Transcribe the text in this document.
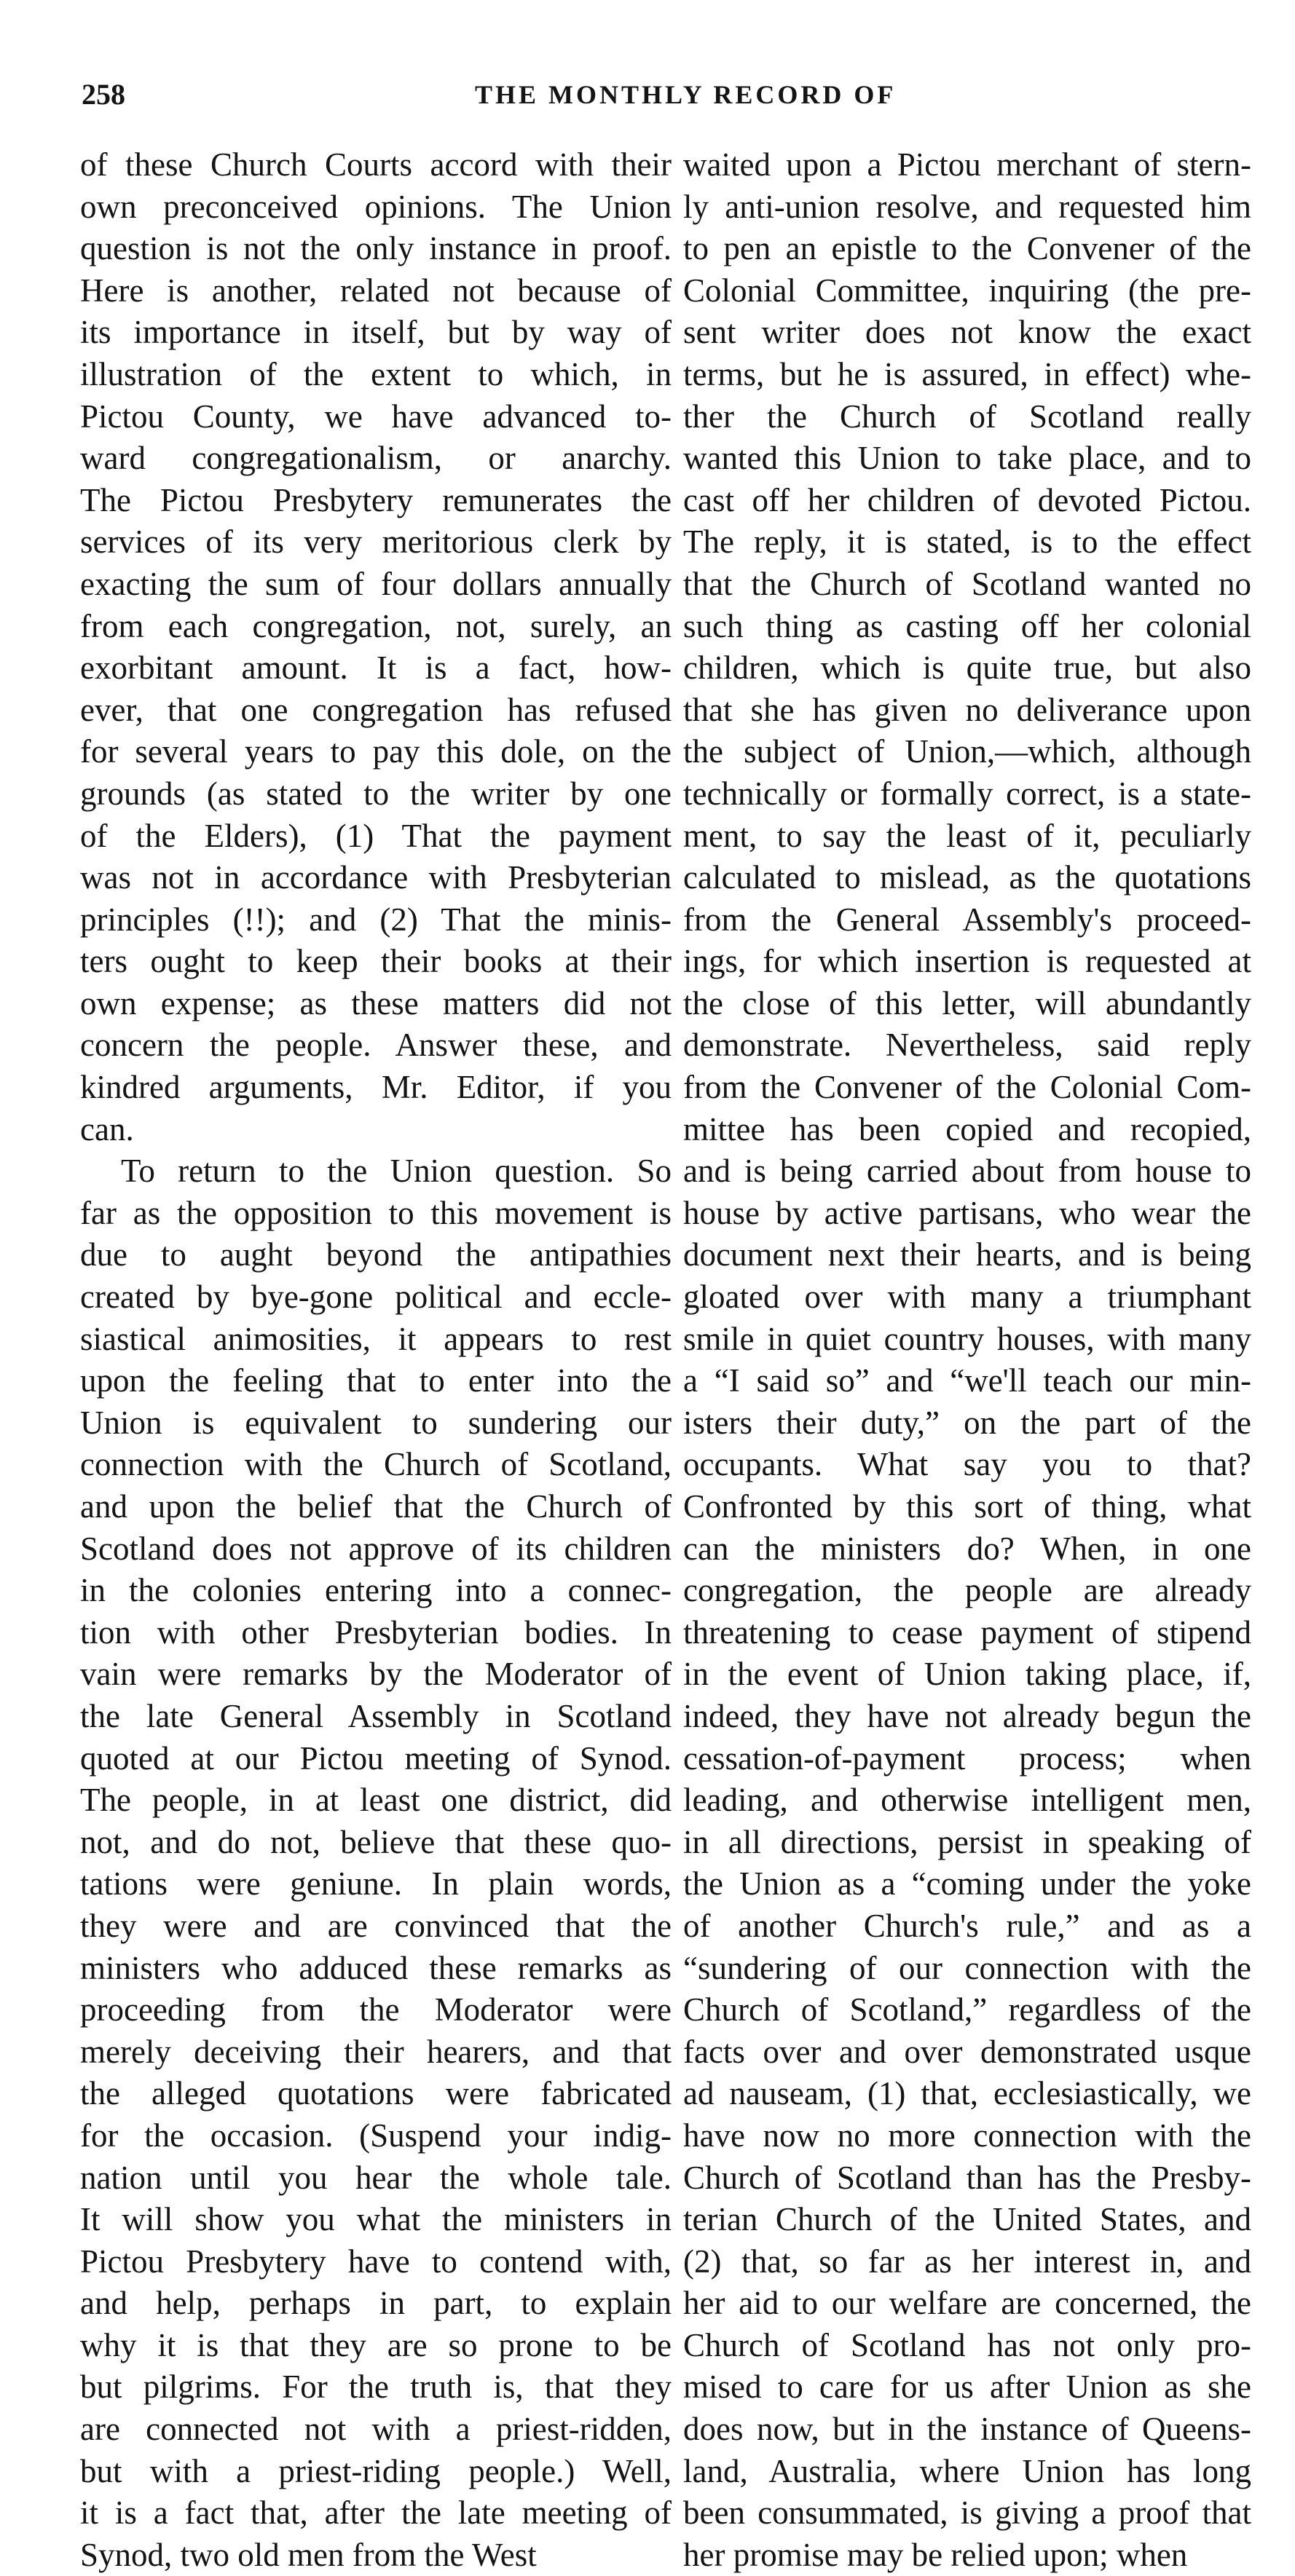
258	THE MONTHLY RECORD OF
of these Church Courts accord with their
own preconceived opinions. The Union
question is not the only instance in proof.
Here is another, related not because of
its importance in itself, but by way of
illustration of the extent to which, in
Pictou County, we have advanced to-
ward congregationalism, or anarchy.
The Pictou Presbytery remunerates the
services of its very meritorious clerk by
exacting the sum of four dollars annually
from each congregation, not, surely, an
exorbitant amount. It is a fact, how-
ever, that one congregation has refused
for several years to pay this dole, on the
grounds (as stated to the writer by one
of the Elders), (1) That the payment
was not in accordance with Presbyterian
principles (!!); and (2) That the minis-
ters ought to keep their books at their
own expense; as these matters did not
concern the people. Answer these, and
kindred arguments, Mr. Editor, if you
can.
To return to the Union question. So
far as the opposition to this movement is
due to aught beyond the antipathies
created by bye-gone political and eccle-
siastical animosities, it appears to rest
upon the feeling that to enter into the
Union is equivalent to sundering our
connection with the Church of Scotland,
and upon the belief that the Church of
Scotland does not approve of its children
in the colonies entering into a connec-
tion with other Presbyterian bodies. In
vain were remarks by the Moderator of
the late General Assembly in Scotland
quoted at our Pictou meeting of Synod.
The people, in at least one district, did
not, and do not, believe that these quo-
tations were geniune. In plain words,
they were and are convinced that the
ministers who adduced these remarks as
proceeding from the Moderator were
merely deceiving their hearers, and that
the alleged quotations were fabricated
for the occasion. (Suspend your indig-
nation until you hear the whole tale.
It will show you what the ministers in
Pictou Presbytery have to contend with,
and help, perhaps in part, to explain
why it is that they are so prone to be
but pilgrims. For the truth is, that they
are connected not with a priest-ridden,
but with a priest-riding people.) Well,
it is a fact that, after the late meeting of
Synod, two old men from the West
waited upon a Pictou merchant of stern-
ly anti-union resolve, and requested him
to pen an epistle to the Convener of the
Colonial Committee, inquiring (the pre-
sent writer does not know the exact
terms, but he is assured, in effect) whe-
ther the Church of Scotland really
wanted this Union to take place, and to
cast off her children of devoted Pictou.
The reply, it is stated, is to the effect
that the Church of Scotland wanted no
such thing as casting off her colonial
children, which is quite true, but also
that she has given no deliverance upon
the subject of Union,—which, although
technically or formally correct, is a state-
ment, to say the least of it, peculiarly
calculated to mislead, as the quotations
from the General Assembly's proceed-
ings, for which insertion is requested at
the close of this letter, will abundantly
demonstrate. Nevertheless, said reply
from the Convener of the Colonial Com-
mittee has been copied and recopied,
and is being carried about from house to
house by active partisans, who wear the
document next their hearts, and is being
gloated over with many a triumphant
smile in quiet country houses, with many
a “I said so” and “we'll teach our min-
isters their duty,” on the part of the
occupants. What say you to that?
Confronted by this sort of thing, what
can the ministers do? When, in one
congregation, the people are already
threatening to cease payment of stipend
in the event of Union taking place, if,
indeed, they have not already begun the
cessation-of-payment process; when
leading, and otherwise intelligent men,
in all directions, persist in speaking of
the Union as a “coming under the yoke
of another Church's rule,” and as a
“sundering of our connection with the
Church of Scotland,” regardless of the
facts over and over demonstrated usque
ad nauseam, (1) that, ecclesiastically, we
have now no more connection with the
Church of Scotland than has the Presby-
terian Church of the United States, and
(2) that, so far as her interest in, and
her aid to our welfare are concerned, the
Church of Scotland has not only pro-
mised to care for us after Union as she
does now, but in the instance of Queens-
land, Australia, where Union has long
been consummated, is giving a proof that
her promise may be relied upon; when
